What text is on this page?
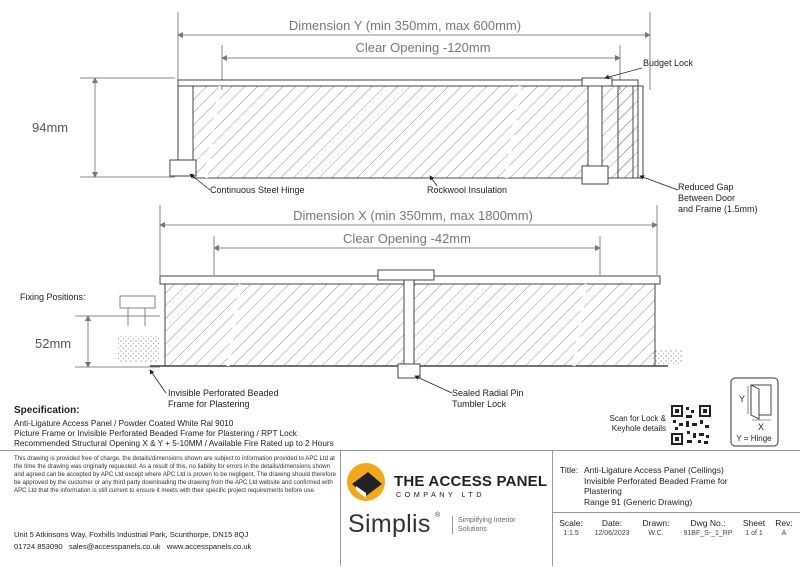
Dimension Y (min 350mm, max 600mm)
Clear Opening -120mm
94mm
Budget Lock
Continuous Steel Hinge	Rockwool Insulation	Reduced Gap
Between Door
and Frame (1.5mm)
Dimension X (min 350mm, max 1800mm)
Clear Opening -42mm
52mm
Invisible Perforated Beaded
Frame for Plastering
Sealed Radial Pin
Tumbler Lock	Y
X
Y = Hinge
Fixing Positions:
Specification:
Anti-Ligature Access Panel / Powder Coated White Ral 9010
Picture Frame or Invisible Perforated Beaded Frame for Plastering / RPT Lock
Recommended Structural Opening X & Y + 5-10MM / Available Fire Rated up to 2 Hours
Scan for Lock &
Keyhole details
This drawing is provided free of charge, the details/dimensions shown are subject to information provided to APC Ltd at the time the drawing was originally requested. As a result of this, no liability for errors in the details/dimensions shown and agreed can be accepted by APC Ltd except where APC Ltd is proven to be negligent. The drawing should therefore be approved by the customer or any third party downloading the drawing from the APC Ltd website and confirmed with APC Ltd that the information is still current to ensure it meets with their specific project requirements before use.
Unit 5 Atkinsons Way, Foxhills Industrial Park, Scunthorpe, DN15 8QJ
01724 853090   sales@accesspanels.co.uk   www.accesspanels.co.uk
THE ACCESS PANEL
COMPANY LTD
Simplis ®
Simplifying Interior
Solutions
Title: Anti-Ligature Access Panel (Ceilings)
Invisible Perforated Beaded Frame for
Plastering
Range 91 (Generic Drawing)
Scale:
1:1.5
Date:
12/06/2023
Drawn:
W.C.
Dwg No.:
91BF_S-_1_RP
Sheet
1 of 1
Rev:
A
